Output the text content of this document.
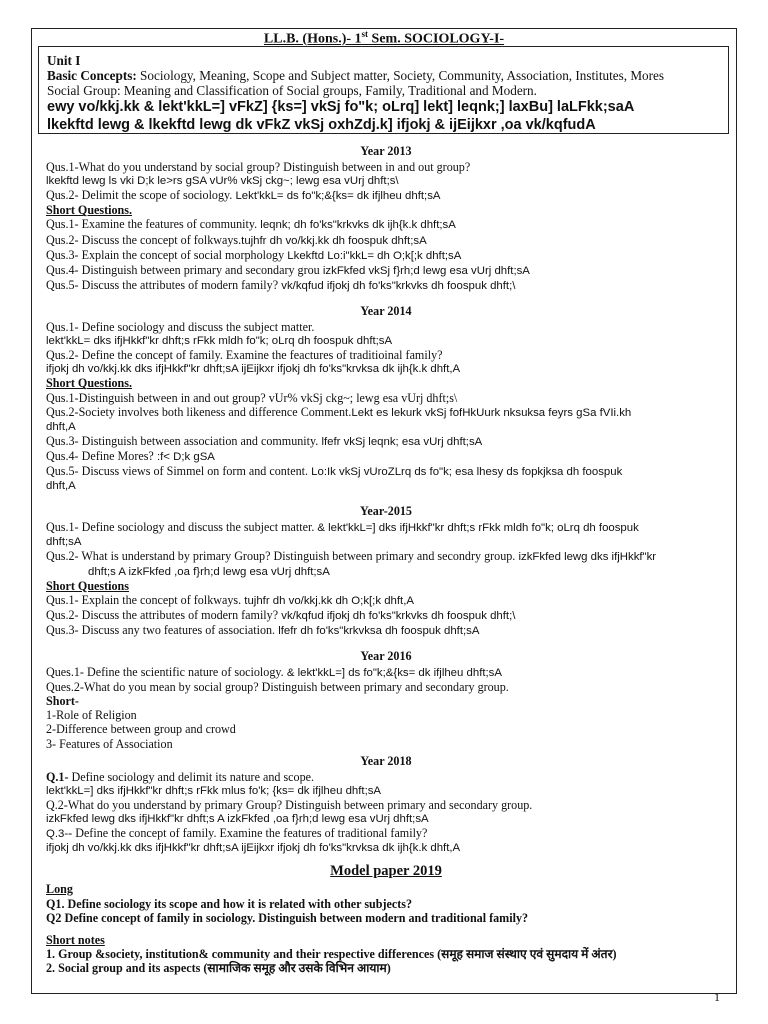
LL.B. (Hons.)- 1st Sem. SOCIOLOGY-I-
Unit I
Basic Concepts: Sociology, Meaning, Scope and Subject matter, Society, Community, Association, Institutes, Mores
Social Group: Meaning and Classification of Social groups, Family, Traditional and Modern.
ewy vo/kkj.kk & lekt'kkL=] vFkZ] {ks=] vkSj fo"k; oLrq] lekt] leqnk;] laxBu] laLFkk;saA
lkekftd lewg & lkekftd lewg dk vFkZ vkSj oxhZdj.k] ifjokj & ijEijkxr ,oa vk/kqfudA
Year 2013
Qus.1-What do you understand by social group? Distinguish between in and out group?
lkekftd lewg ls vki D;k le>rs gSA vUr% vkSj ckg~; lewg esa vUrj dhft;s\
Qus.2- Delimit the scope of sociology. Lekt'kkL= ds fo"k;&{ks= dk ifjlheu dhft;sA
Short Questions.
Qus.1- Examine the features of community. leqnk; dh fo'ks"krkvks dk ijh{k.k dhft;sA
Qus.2- Discuss the concept of folkways.tujhfr dh vo/kkj.kk dh foospuk dhft;sA
Qus.3- Explain the concept of social morphology Lkekftd Lo:i"kkL= dh O;k[;k dhft;sA
Qus.4- Distinguish between primary and secondary grou izkFkfed vkSj f}rh;d lewg esa vUrj dhft;sA
Qus.5- Discuss the attributes of modern family? vk/kqfud ifjokj dh fo'ks"krkvks dh foospuk dhft;\
Year 2014
Qus.1- Define sociology and discuss the subject matter.
lekt'kkL= dks ifjHkkf"kr dhft;s rFkk mldh fo"k; oLrq dh foospuk dhft;sA
Qus.2- Define the concept of family. Examine the feactures of traditioinal family?
ifjokj dh vo/kkj.kk dks ifjHkkf"kr dhft;sA ijEijkxr ifjokj dh fo'ks"krvksa dk ijh{k.k dhft,A
Short Questions.
Qus.1-Distinguish between in and out group? vUr% vkSj ckg~; lewg esa vUrj dhft;s\
Qus.2-Society involves both likeness and difference Comment.Lekt es lekurk vkSj fofHkUurk nksuksa feyrs gSa fVIi.kh
dhft,A
Qus.3- Distinguish between association and community. lfefr vkSj leqnk; esa vUrj dhft;sA
Qus.4- Define Mores? :f< D;k gSA
Qus.5- Discuss views of Simmel on form and content. Lo:Ik vkSj vUroZLrq ds fo"k; esa lhesy ds fopkjksa dh foospuk
dhft,A
Year-2015
Qus.1- Define sociology and discuss the subject matter. & lekt'kkL=] dks ifjHkkf"kr dhft;s rFkk mldh fo"k; oLrq dh foospuk
dhft;sA
Qus.2- What is understand by primary Group? Distinguish between primary and secondry group. izkFkfed lewg dks ifjHkkf"kr
dhft;s A izkFkfed ,oa f}rh;d lewg esa vUrj dhft;sA
Short Questions
Qus.1- Explain the concept of folkways. tujhfr dh vo/kkj.kk dh O;k[;k dhft,A
Qus.2- Discuss the attributes of modern family? vk/kqfud ifjokj dh fo'ks"krkvks dh foospuk dhft;\
Qus.3- Discuss any two features of association. lfefr dh fo'ks"krkvksa dh foospuk dhft;sA
Year 2016
Ques.1- Define the scientific nature of sociology. & lekt'kkL=] ds fo"k;&{ks= dk ifjlheu dhft;sA
Ques.2-What do you mean by social group? Distinguish between primary and secondary group.
Short-
1-Role of Religion
2-Difference between group and crowd
3- Features of Association
Year 2018
Q.1- Define sociology and delimit its nature and scope.
lekt'kkL=] dks ifjHkkf"kr dhft;s rFkk mlus fo'k; {ks= dk ifjlheu dhft;sA
Q.2-What do you understand by primary Group? Distinguish between primary and secondary group.
izkFkfed lewg dks ifjHkkf"kr dhft;s A izkFkfed ,oa f}rh;d lewg esa vUrj dhft;sA
Q.3-- Define the concept of family. Examine the features of traditional family?
ifjokj dh vo/kkj.kk dks ifjHkkf"kr dhft;sA ijEijkxr ifjokj dh fo'ks"krvksa dk ijh{k.k dhft,A
Model paper 2019
Long
Q1. Define sociology its scope and how it is related with other subjects?
Q2 Define concept of family in sociology. Distinguish between modern and traditional family?
Short notes
1. Group &society, institution& community and their respective differences (समूह समाज संस्थाए एवं सुमदाय में अंतर)
2. Social group and its aspects (सामाजिक समूह और उसके विभिन आयाम)
1
